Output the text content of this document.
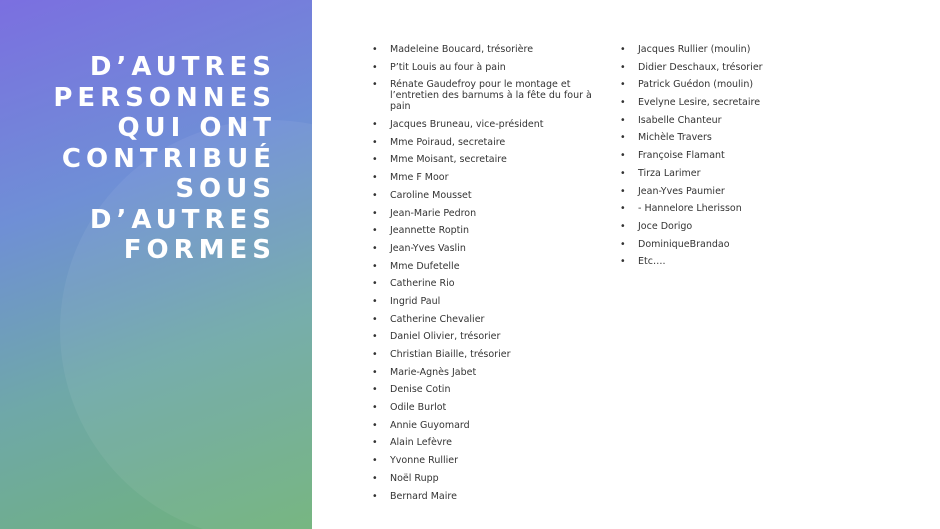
D’AUTRES
PERSONNES
QUI ONT
CONTRIBUÉ
SOUS
D’AUTRES
FORMES
• Madeleine Boucard, trésorière
• P’tit Louis au four à pain
• Rénate Gaudefroy pour le montage et l’entretien des barnums à la fête du four à pain
• Jacques Bruneau, vice-président
• Mme Poiraud, secretaire
• Mme Moisant, secretaire
• Mme F Moor
• Caroline Mousset
• Jean-Marie Pedron
• Jeannette Roptin
• Jean-Yves Vaslin
• Mme Dufetelle
• Catherine Rio
• Ingrid Paul
• Catherine Chevalier
• Daniel Olivier, trésorier
• Christian Biaille, trésorier
• Marie-Agnès Jabet
• Denise Cotin
• Odile Burlot
• Annie Guyomard
• Alain Lefèvre
• Yvonne Rullier
• Noël Rupp
• Bernard Maire
• Jacques Rullier (moulin)
• Didier Deschaux, trésorier
• Patrick Guédon (moulin)
• Evelyne Lesire, secretaire
• Isabelle Chanteur
• Michèle Travers
• Françoise Flamant
• Tirza Larimer
• Jean-Yves Paumier
• - Hannelore Lherisson
• Joce Dorigo
• DominiqueBrandao
• Etc….
